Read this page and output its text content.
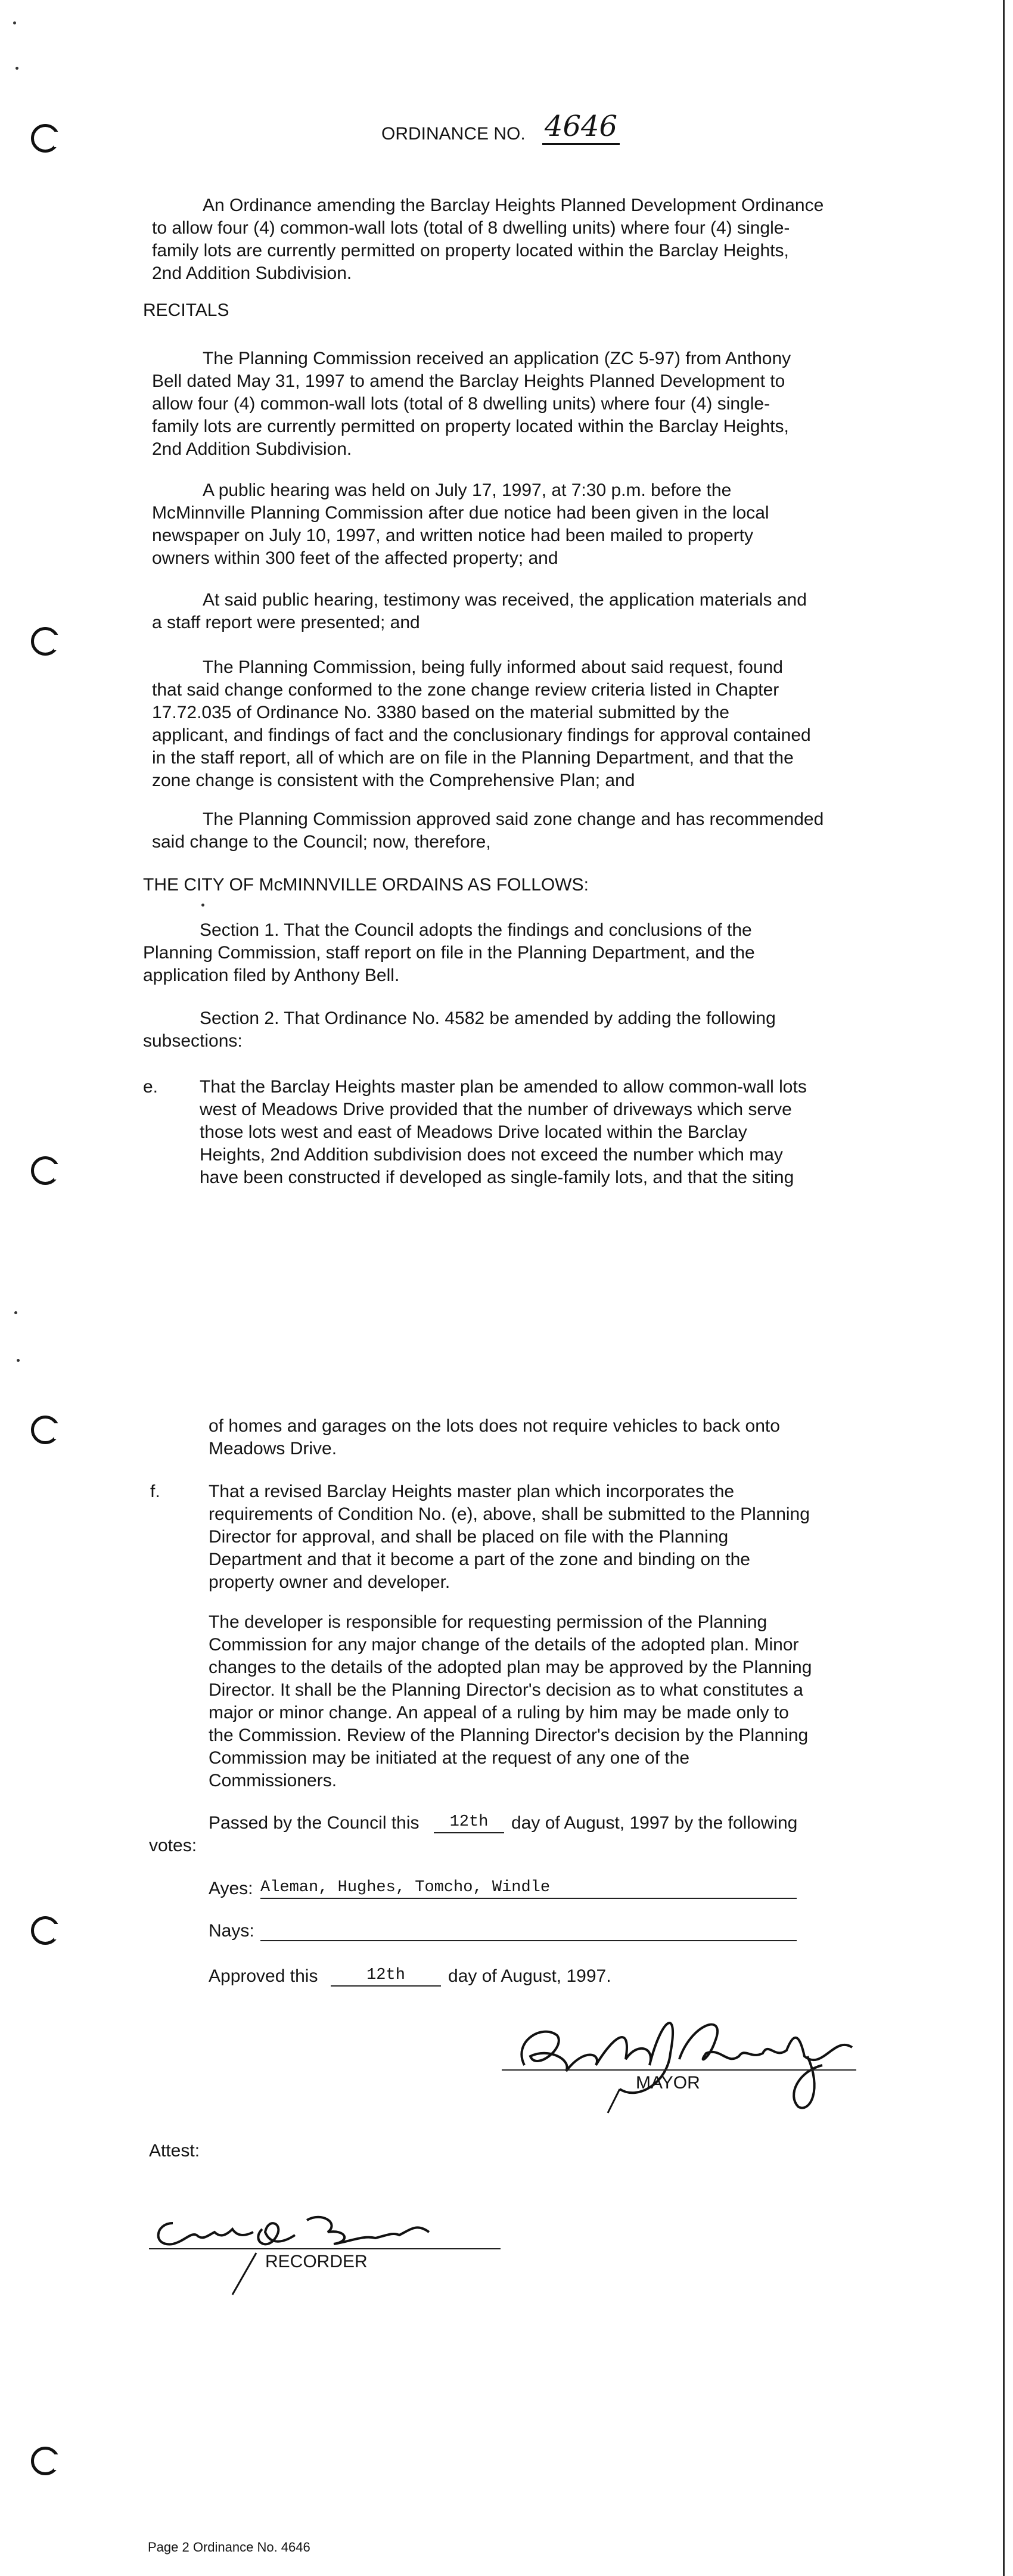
ORDINANCE NO. 4646
An Ordinance amending the Barclay Heights Planned Development Ordinance
to allow four (4) common-wall lots (total of 8 dwelling units) where four (4) single-
family lots are currently permitted on property located within the Barclay Heights,
2nd Addition Subdivision.
RECITALS
The Planning Commission received an application (ZC 5-97) from Anthony
Bell dated May 31, 1997 to amend the Barclay Heights Planned Development to
allow four (4) common-wall lots (total of 8 dwelling units) where four (4) single-
family lots are currently permitted on property located within the Barclay Heights,
2nd Addition Subdivision.
A public hearing was held on July 17, 1997, at 7:30 p.m. before the
McMinnville Planning Commission after due notice had been given in the local
newspaper on July 10, 1997, and written notice had been mailed to property
owners within 300 feet of the affected property; and
At said public hearing, testimony was received, the application materials and
a staff report were presented; and
The Planning Commission, being fully informed about said request, found
that said change conformed to the zone change review criteria listed in Chapter
17.72.035 of Ordinance No. 3380 based on the material submitted by the
applicant, and findings of fact and the conclusionary findings for approval contained
in the staff report, all of which are on file in the Planning Department, and that the
zone change is consistent with the Comprehensive Plan; and
The Planning Commission approved said zone change and has recommended
said change to the Council; now, therefore,
THE CITY OF McMINNVILLE ORDAINS AS FOLLOWS:
Section 1. That the Council adopts the findings and conclusions of the
Planning Commission, staff report on file in the Planning Department, and the
application filed by Anthony Bell.
Section 2. That Ordinance No. 4582 be amended by adding the following
subsections:
e. That the Barclay Heights master plan be amended to allow common-wall lots
west of Meadows Drive provided that the number of driveways which serve
those lots west and east of Meadows Drive located within the Barclay
Heights, 2nd Addition subdivision does not exceed the number which may
have been constructed if developed as single-family lots, and that the siting
of homes and garages on the lots does not require vehicles to back onto
Meadows Drive.
f.	That a revised Barclay Heights master plan which incorporates the
requirements of Condition No. (e), above, shall be submitted to the Planning
Director for approval, and shall be placed on file with the Planning
Department and that it become a part of the zone and binding on the
property owner and developer.
The developer is responsible for requesting permission of the Planning
Commission for any major change of the details of the adopted plan. Minor
changes to the details of the adopted plan may be approved by the Planning
Director. It shall be the Planning Director's decision as to what constitutes a
major or minor change. An appeal of a ruling by him may be made only to
the Commission. Review of the Planning Director's decision by the Planning
Commission may be initiated at the request of any one of the
Commissioners.
Passed by the Council this	12th	day of August, 1997 by the following
votes:
Ayes: Aleman, Hughes, Tomcho, Windle
Nays:
Approved this	12th	day of August, 1997.
MAYOR
Attest:
RECORDER
Page 2 Ordinance No. 4646
